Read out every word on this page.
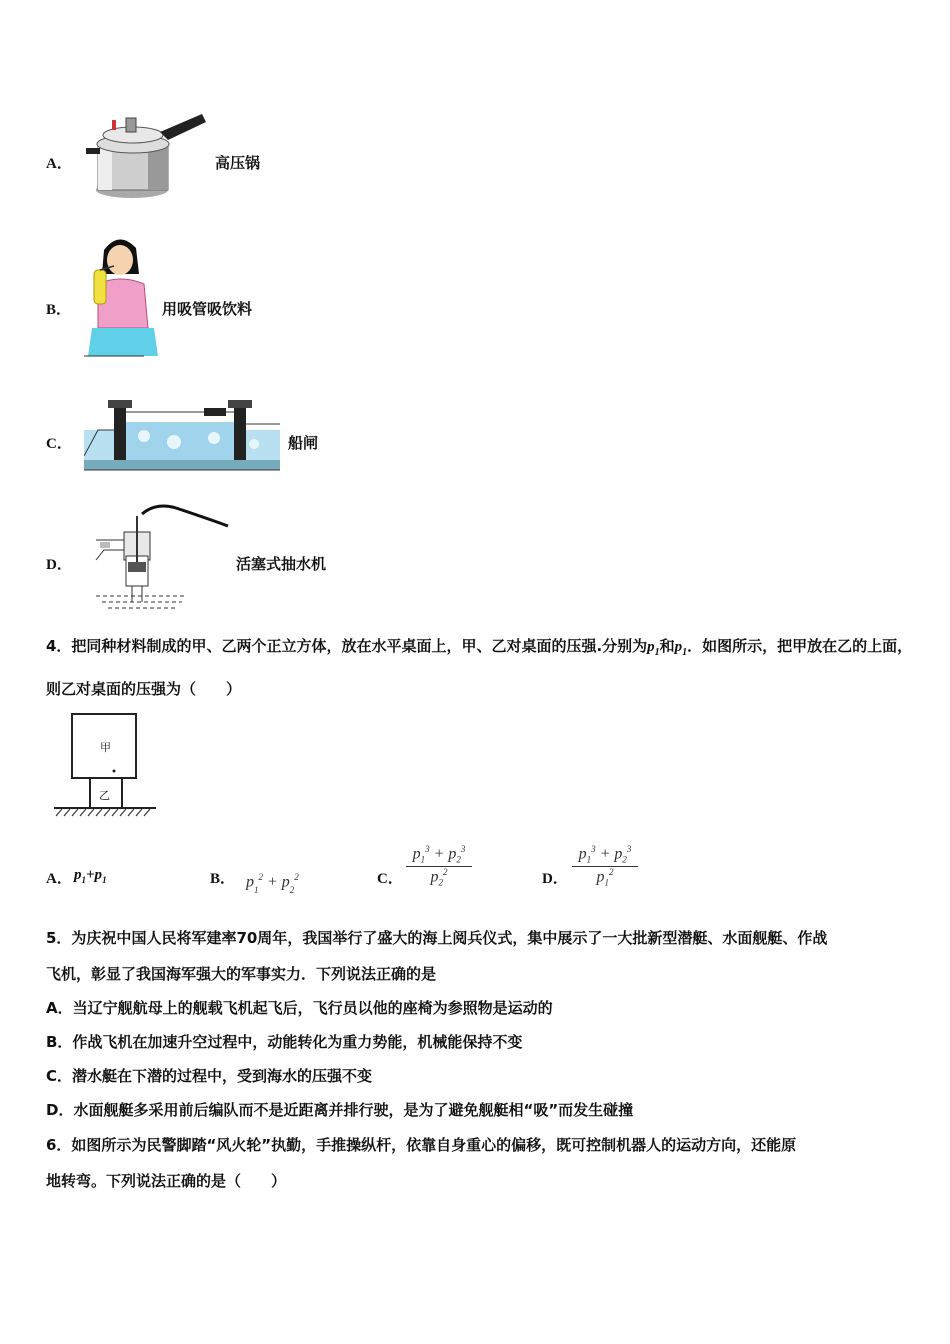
A．	高压锅
B．	用吸管吸饮料
C．	船闸
D．	活塞式抽水机
4．把同种材料制成的甲、乙两个正立方体，放在水平桌面上，甲、乙对桌面的压强.分别为$p_1$和$p_1$．如图所示，把甲放在乙的上面，则乙对桌面的压强为（　　）
甲
乙
A． $p_1+p_1$	B． $p_1^2 + p_2^2$	C．
$p_1^3 + p_2^3$
$p_2^2$	D．
$p_1^3 + p_2^3$
$p_1^2$
5．为庆祝中国人民将军建率70周年，我国举行了盛大的海上阅兵仪式，集中展示了一大批新型潜艇、水面舰艇、作战
飞机，彰显了我国海军强大的军事实力．下列说法正确的是
A．当辽宁舰航母上的舰载飞机起飞后，飞行员以他的座椅为参照物是运动的
B．作战飞机在加速升空过程中，动能转化为重力势能，机械能保持不变
C．潜水艇在下潜的过程中，受到海水的压强不变
D．水面舰艇多采用前后编队而不是近距离并排行驶，是为了避免舰艇相“吸”而发生碰撞
6．如图所示为民警脚踏“风火轮”执勤，手推操纵杆，依靠自身重心的偏移，既可控制机器人的运动方向，还能原
地转弯。下列说法正确的是（　　）
